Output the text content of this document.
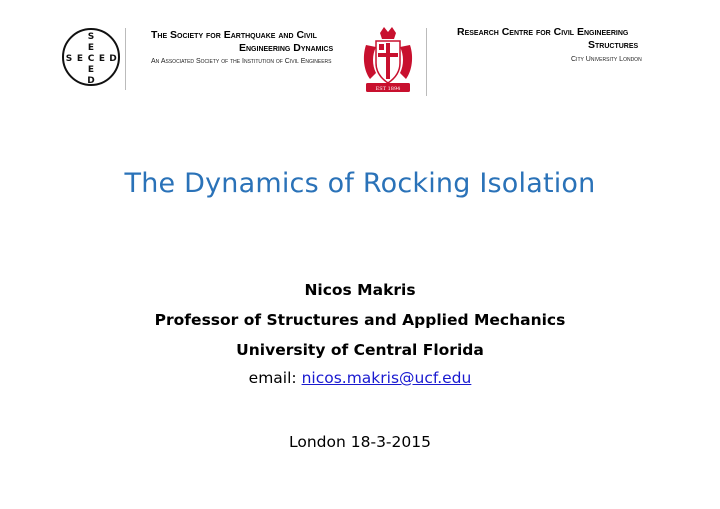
S
E
S E C E D
E
D
The Society for Earthquake and Civil
Engineering Dynamics
An Associated Society of the Institution of Civil Engineers
EST 1894
Research Centre for Civil Engineering
Structures
City University London
The Dynamics of Rocking Isolation
Nicos Makris
Professor of Structures and Applied Mechanics
University of Central Florida
email: nicos.makris@ucf.edu
London 18-3-2015
